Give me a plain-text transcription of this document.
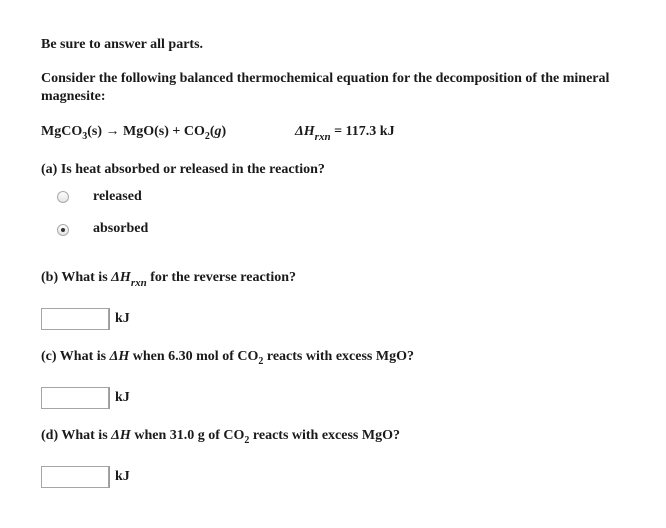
Be sure to answer all parts.
Consider the following balanced thermochemical equation for the decomposition of the mineral
magnesite:
MgCO$_3$(s) → $MgO(s) + CO_2(g)$	$\Delta H_{rxn} = 117.3$ kJ
(a) Is heat absorbed or released in the reaction?
released
absorbed
(b) What is $\Delta H_{rxn}$ for the reverse reaction?
kJ
(c) What is ΔH when 6.30 mol of $CO_2$ reacts with excess MgO?
kJ
(d) What is ΔH when 31.0 g of $CO_2$ reacts with excess MgO?
kJ
